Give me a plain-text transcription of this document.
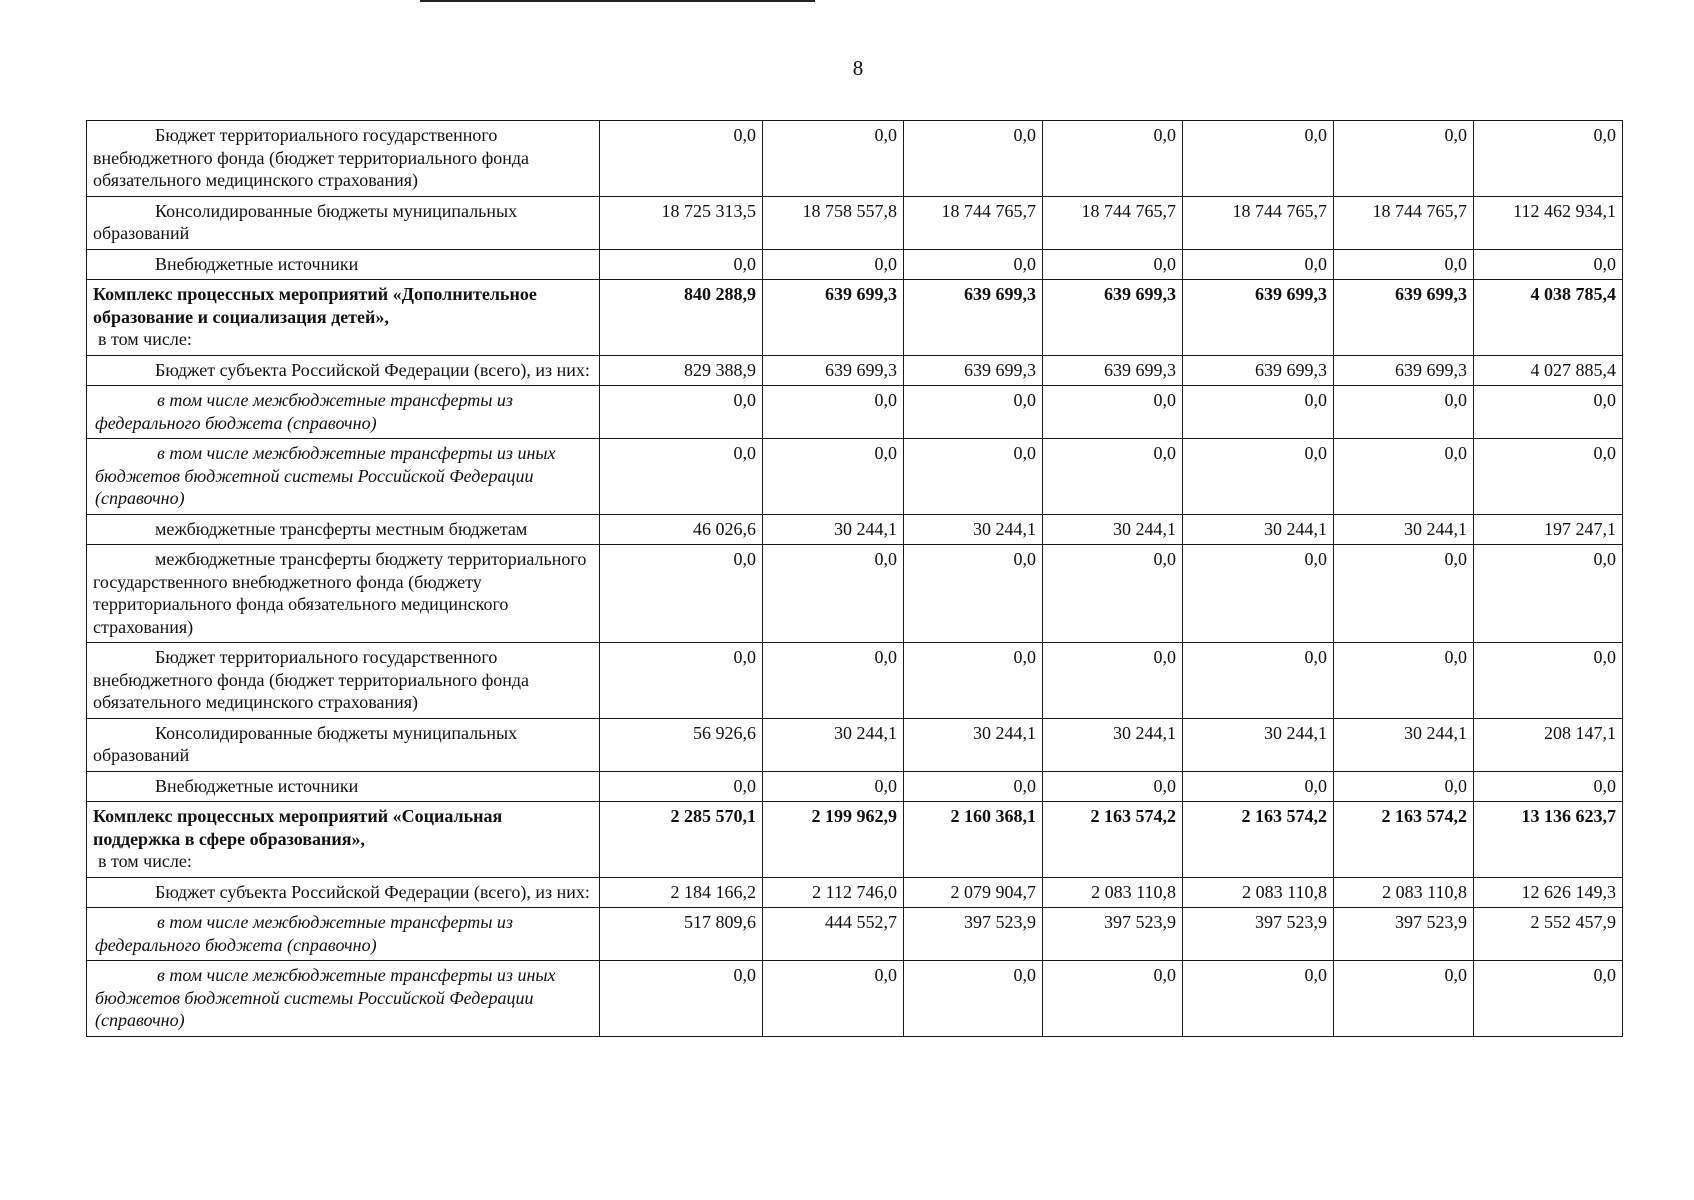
8
Бюджет территориального государственного внебюджетного фонда (бюджет территориального фонда обязательного медицинского страхования)	0,0	0,0	0,0	0,0	0,0	0,0	0,0

Консолидированные бюджеты муниципальных образований	18 725 313,5	18 758 557,8	18 744 765,7	18 744 765,7	18 744 765,7	18 744 765,7	112 462 934,1

Внебюджетные источники	0,0	0,0	0,0	0,0	0,0	0,0	0,0

Комплекс процессных мероприятий «Дополнительное образование и социализация детей»,
в том числе:	840 288,9	639 699,3	639 699,3	639 699,3	639 699,3	639 699,3	4 038 785,4

Бюджет субъекта Российской Федерации (всего), из них:	829 388,9	639 699,3	639 699,3	639 699,3	639 699,3	639 699,3	4 027 885,4

в том числе межбюджетные трансферты из федерального бюджета (справочно)	0,0	0,0	0,0	0,0	0,0	0,0	0,0

в том числе межбюджетные трансферты из иных бюджетов бюджетной системы Российской Федерации (справочно)	0,0	0,0	0,0	0,0	0,0	0,0	0,0

межбюджетные трансферты местным бюджетам	46 026,6	30 244,1	30 244,1	30 244,1	30 244,1	30 244,1	197 247,1

межбюджетные трансферты бюджету территориального государственного внебюджетного фонда (бюджету территориального фонда обязательного медицинского страхования)	0,0	0,0	0,0	0,0	0,0	0,0	0,0

Бюджет территориального государственного внебюджетного фонда (бюджет территориального фонда обязательного медицинского страхования)	0,0	0,0	0,0	0,0	0,0	0,0	0,0

Консолидированные бюджеты муниципальных образований	56 926,6	30 244,1	30 244,1	30 244,1	30 244,1	30 244,1	208 147,1

Внебюджетные источники	0,0	0,0	0,0	0,0	0,0	0,0	0,0

Комплекс процессных мероприятий «Социальная поддержка в сфере образования»,
в том числе:	2 285 570,1	2 199 962,9	2 160 368,1	2 163 574,2	2 163 574,2	2 163 574,2	13 136 623,7

Бюджет субъекта Российской Федерации (всего), из них:	2 184 166,2	2 112 746,0	2 079 904,7	2 083 110,8	2 083 110,8	2 083 110,8	12 626 149,3

в том числе межбюджетные трансферты из федерального бюджета (справочно)	517 809,6	444 552,7	397 523,9	397 523,9	397 523,9	397 523,9	2 552 457,9

в том числе межбюджетные трансферты из иных бюджетов бюджетной системы Российской Федерации (справочно)	0,0	0,0	0,0	0,0	0,0	0,0	0,0
